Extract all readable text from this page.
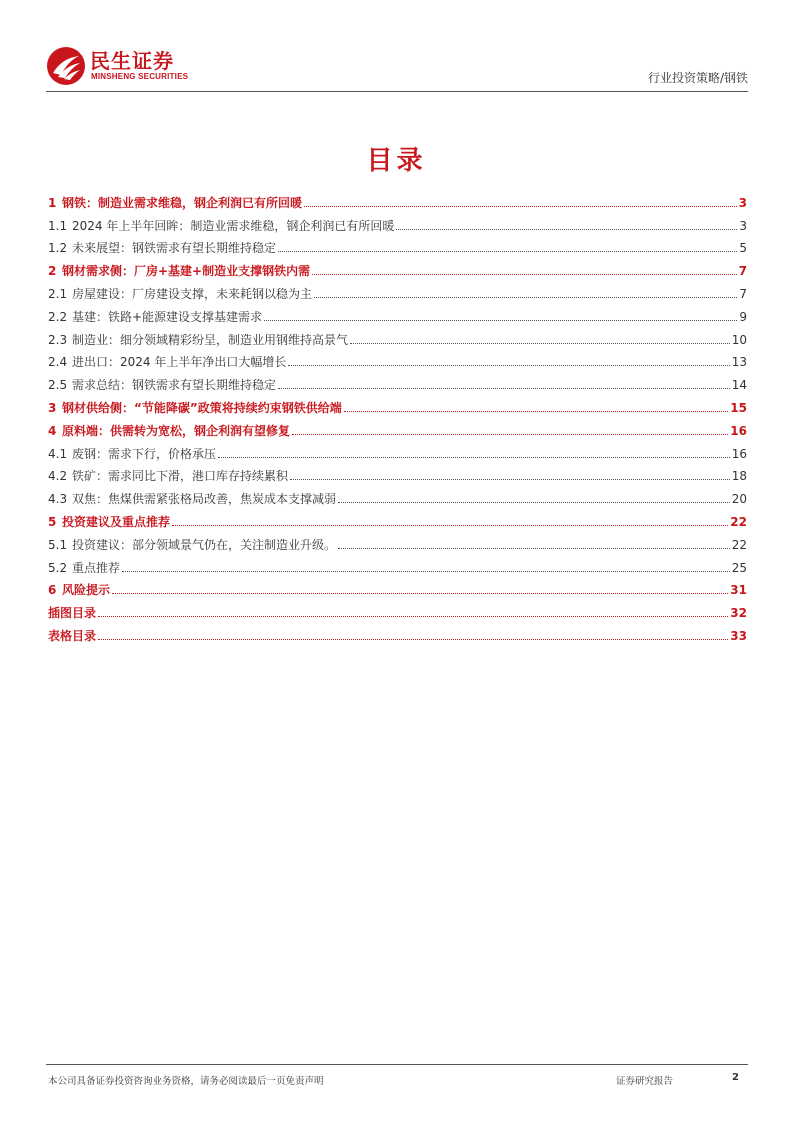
民生证券
MINSHENG SECURITIES	行业投资策略/钢铁
目录
1 钢铁：制造业需求维稳，钢企利润已有所回暖	3
1.1 2024 年上半年回眸：制造业需求维稳，钢企利润已有所回暖	3
1.2 未来展望：钢铁需求有望长期维持稳定	5
2 钢材需求侧：厂房+基建+制造业支撑钢铁内需	7
2.1 房屋建设：厂房建设支撑，未来耗钢以稳为主	7
2.2 基建：铁路+能源建设支撑基建需求	9
2.3 制造业：细分领域精彩纷呈，制造业用钢维持高景气	10
2.4 进出口：2024 年上半年净出口大幅增长	13
2.5 需求总结：钢铁需求有望长期维持稳定	14
3 钢材供给侧：“节能降碳”政策将持续约束钢铁供给端	15
4 原料端：供需转为宽松，钢企利润有望修复	16
4.1 废钢：需求下行，价格承压	16
4.2 铁矿：需求同比下滑，港口库存持续累积	18
4.3 双焦：焦煤供需紧张格局改善，焦炭成本支撑减弱	20
5 投资建议及重点推荐	22
5.1 投资建议：部分领域景气仍在，关注制造业升级。	22
5.2 重点推荐	25
6 风险提示	31
插图目录	32
表格目录	33
本公司具备证券投资咨询业务资格，请务必阅读最后一页免责声明	证券研究报告	2
